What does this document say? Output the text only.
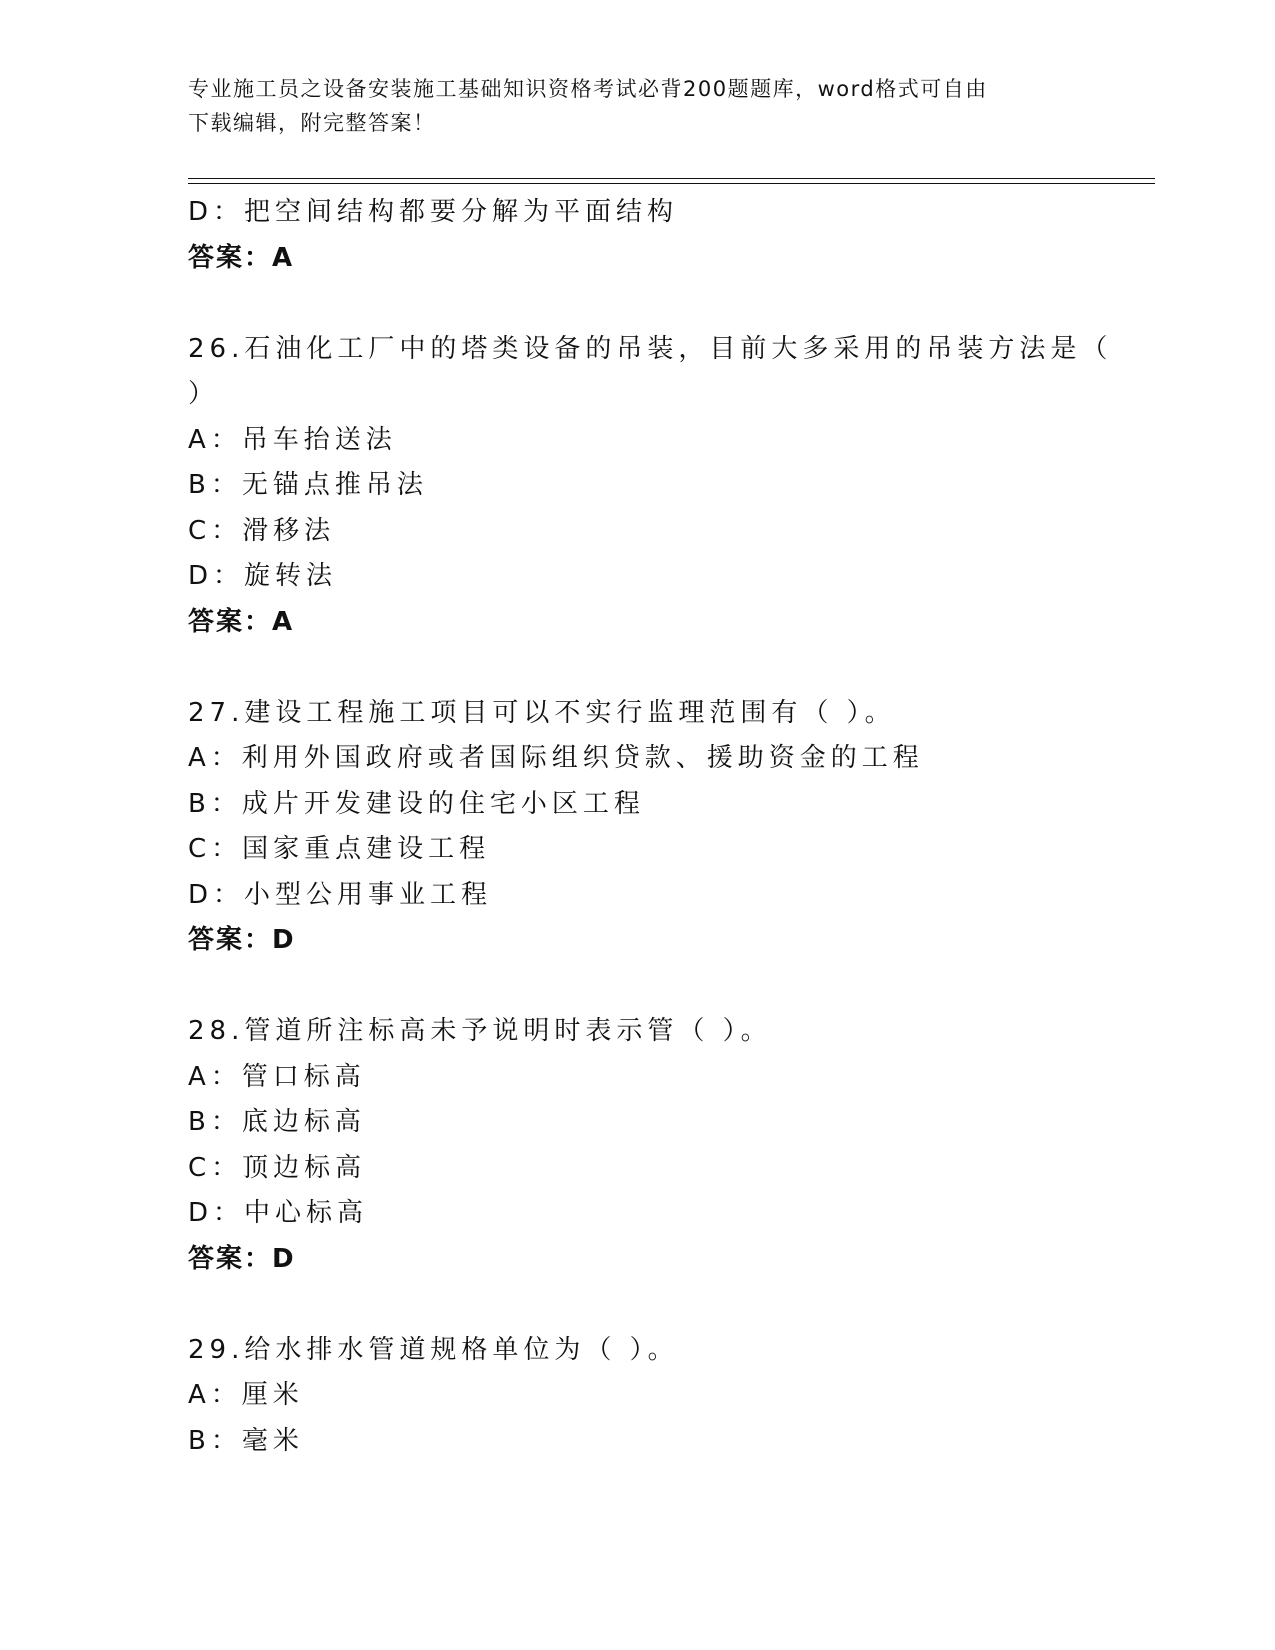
专业施工员之设备安装施工基础知识资格考试必背200题题库，word格式可自由
下载编辑，附完整答案！
D：把空间结构都要分解为平面结构
答案：A
26.石油化工厂中的塔类设备的吊装，目前大多采用的吊装方法是（
）
A：吊车抬送法
B：无锚点推吊法
C：滑移法
D：旋转法
答案：A
27.建设工程施工项目可以不实行监理范围有（ ）。
A：利用外国政府或者国际组织贷款、援助资金的工程
B：成片开发建设的住宅小区工程
C：国家重点建设工程
D：小型公用事业工程
答案：D
28.管道所注标高未予说明时表示管（ ）。
A：管口标高
B：底边标高
C：顶边标高
D：中心标高
答案：D
29.给水排水管道规格单位为（ ）。
A：厘米
B：毫米
